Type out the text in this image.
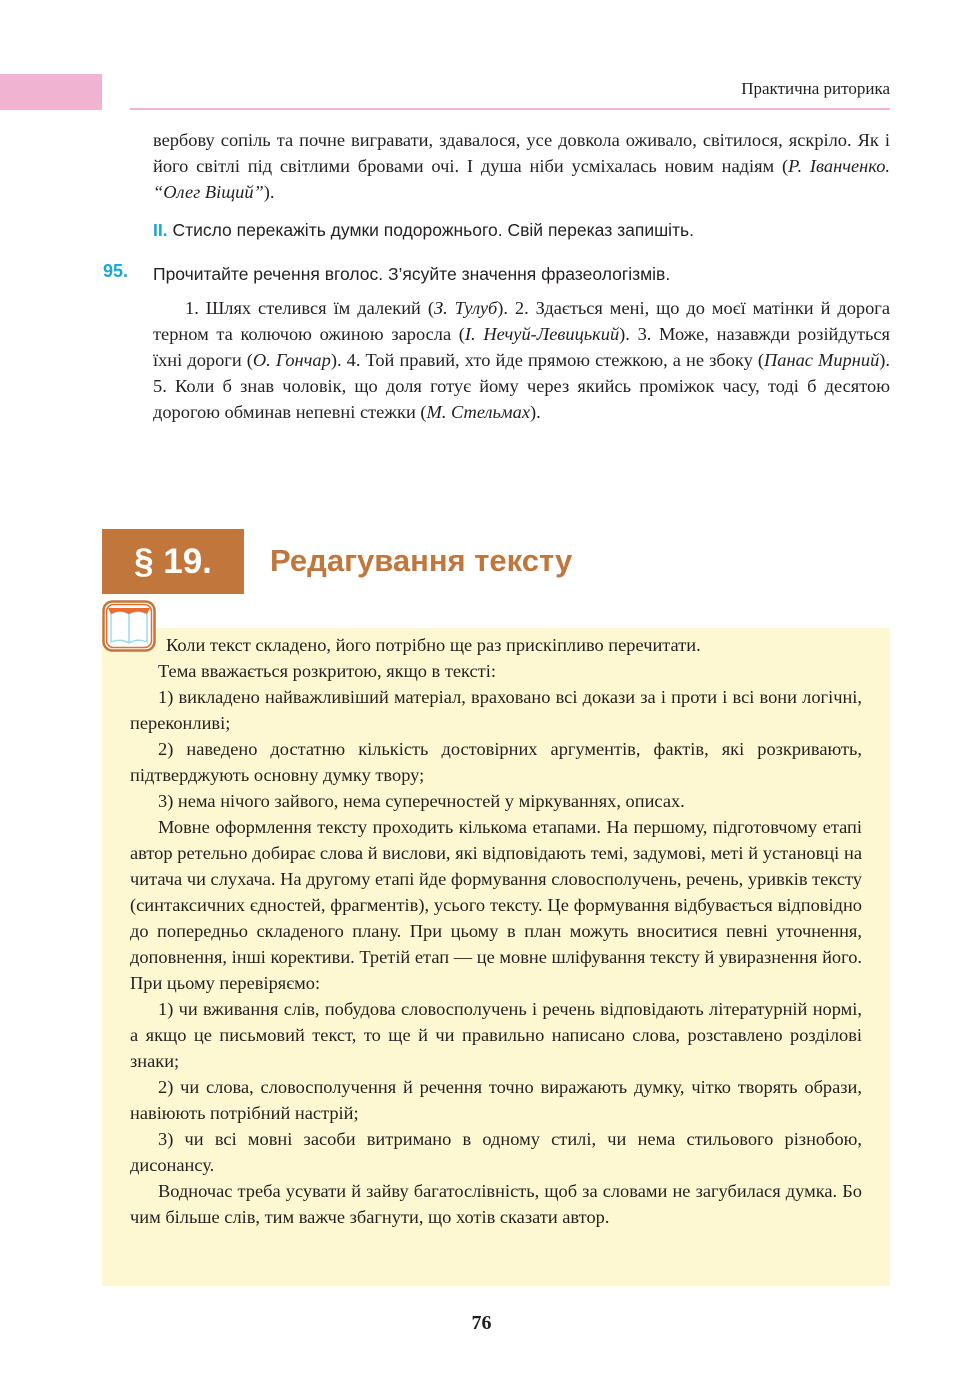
Практична риторика

вербову сопіль та почне вигравати, здавалося, усе довкола оживало, світилося, яскріло. Як і його світлі під світлими бровами очі. І душа ніби усміхалась новим надіям (Р. Іванченко. “Олег Віщий”).

II. Стисло перекажіть думки подорожнього. Свій переказ запишіть.
95. Прочитайте речення вголос. З’ясуйте значення фразеологізмів.

1. Шлях стелився їм далекий (З. Тулуб). 2. Здається мені, що до моєї матінки й дорога терном та колючою ожиною заросла (І. Нечуй-Левицький). 3. Може, назавжди розійдуться їхні дороги (О. Гончар). 4. Той правий, хто йде прямою стежкою, а не збоку (Панас Мирний). 5. Коли б знав чоловік, що доля готує йому через якийсь проміжок часу, тоді б десятою дорогою обминав непевні стежки (М. Стельмах).

§ 19.	Редагування тексту

Коли текст складено, його потрібно ще раз прискіпливо перечитати.

Тема вважається розкритою, якщо в тексті:

1) викладено найважливіший матеріал, враховано всі докази за і проти і всі вони логічні, переконливі;

2) наведено достатню кількість достовірних аргументів, фактів, які розкривають, підтверджують основну думку твору;

3) нема нічого зайвого, нема суперечностей у міркуваннях, описах.

Мовне оформлення тексту проходить кількома етапами. На першому, підготовчому етапі автор ретельно добирає слова й вислови, які відповідають темі, задумові, меті й установці на читача чи слухача. На другому етапі йде формування словосполучень, речень, уривків тексту (синтаксичних єдностей, фрагментів), усього тексту. Це формування відбувається відповідно до попередньо складеного плану. При цьому в план можуть вноситися певні уточнення, доповнення, інші корективи. Третій етап — це мовне шліфування тексту й увиразнення його. При цьому перевіряємо:

1) чи вживання слів, побудова словосполучень і речень відповідають літературній нормі, а якщо це письмовий текст, то ще й чи правильно написано слова, розставлено розділові знаки;

2) чи слова, словосполучення й речення точно виражають думку, чітко творять образи, навіюють потрібний настрій;

3) чи всі мовні засоби витримано в одному стилі, чи нема стильового різнобою, дисонансу.

Водночас треба усувати й зайву багатослівність, щоб за словами не загубилася думка. Бо чим більше слів, тим важче збагнути, що хотів сказати автор.

76
